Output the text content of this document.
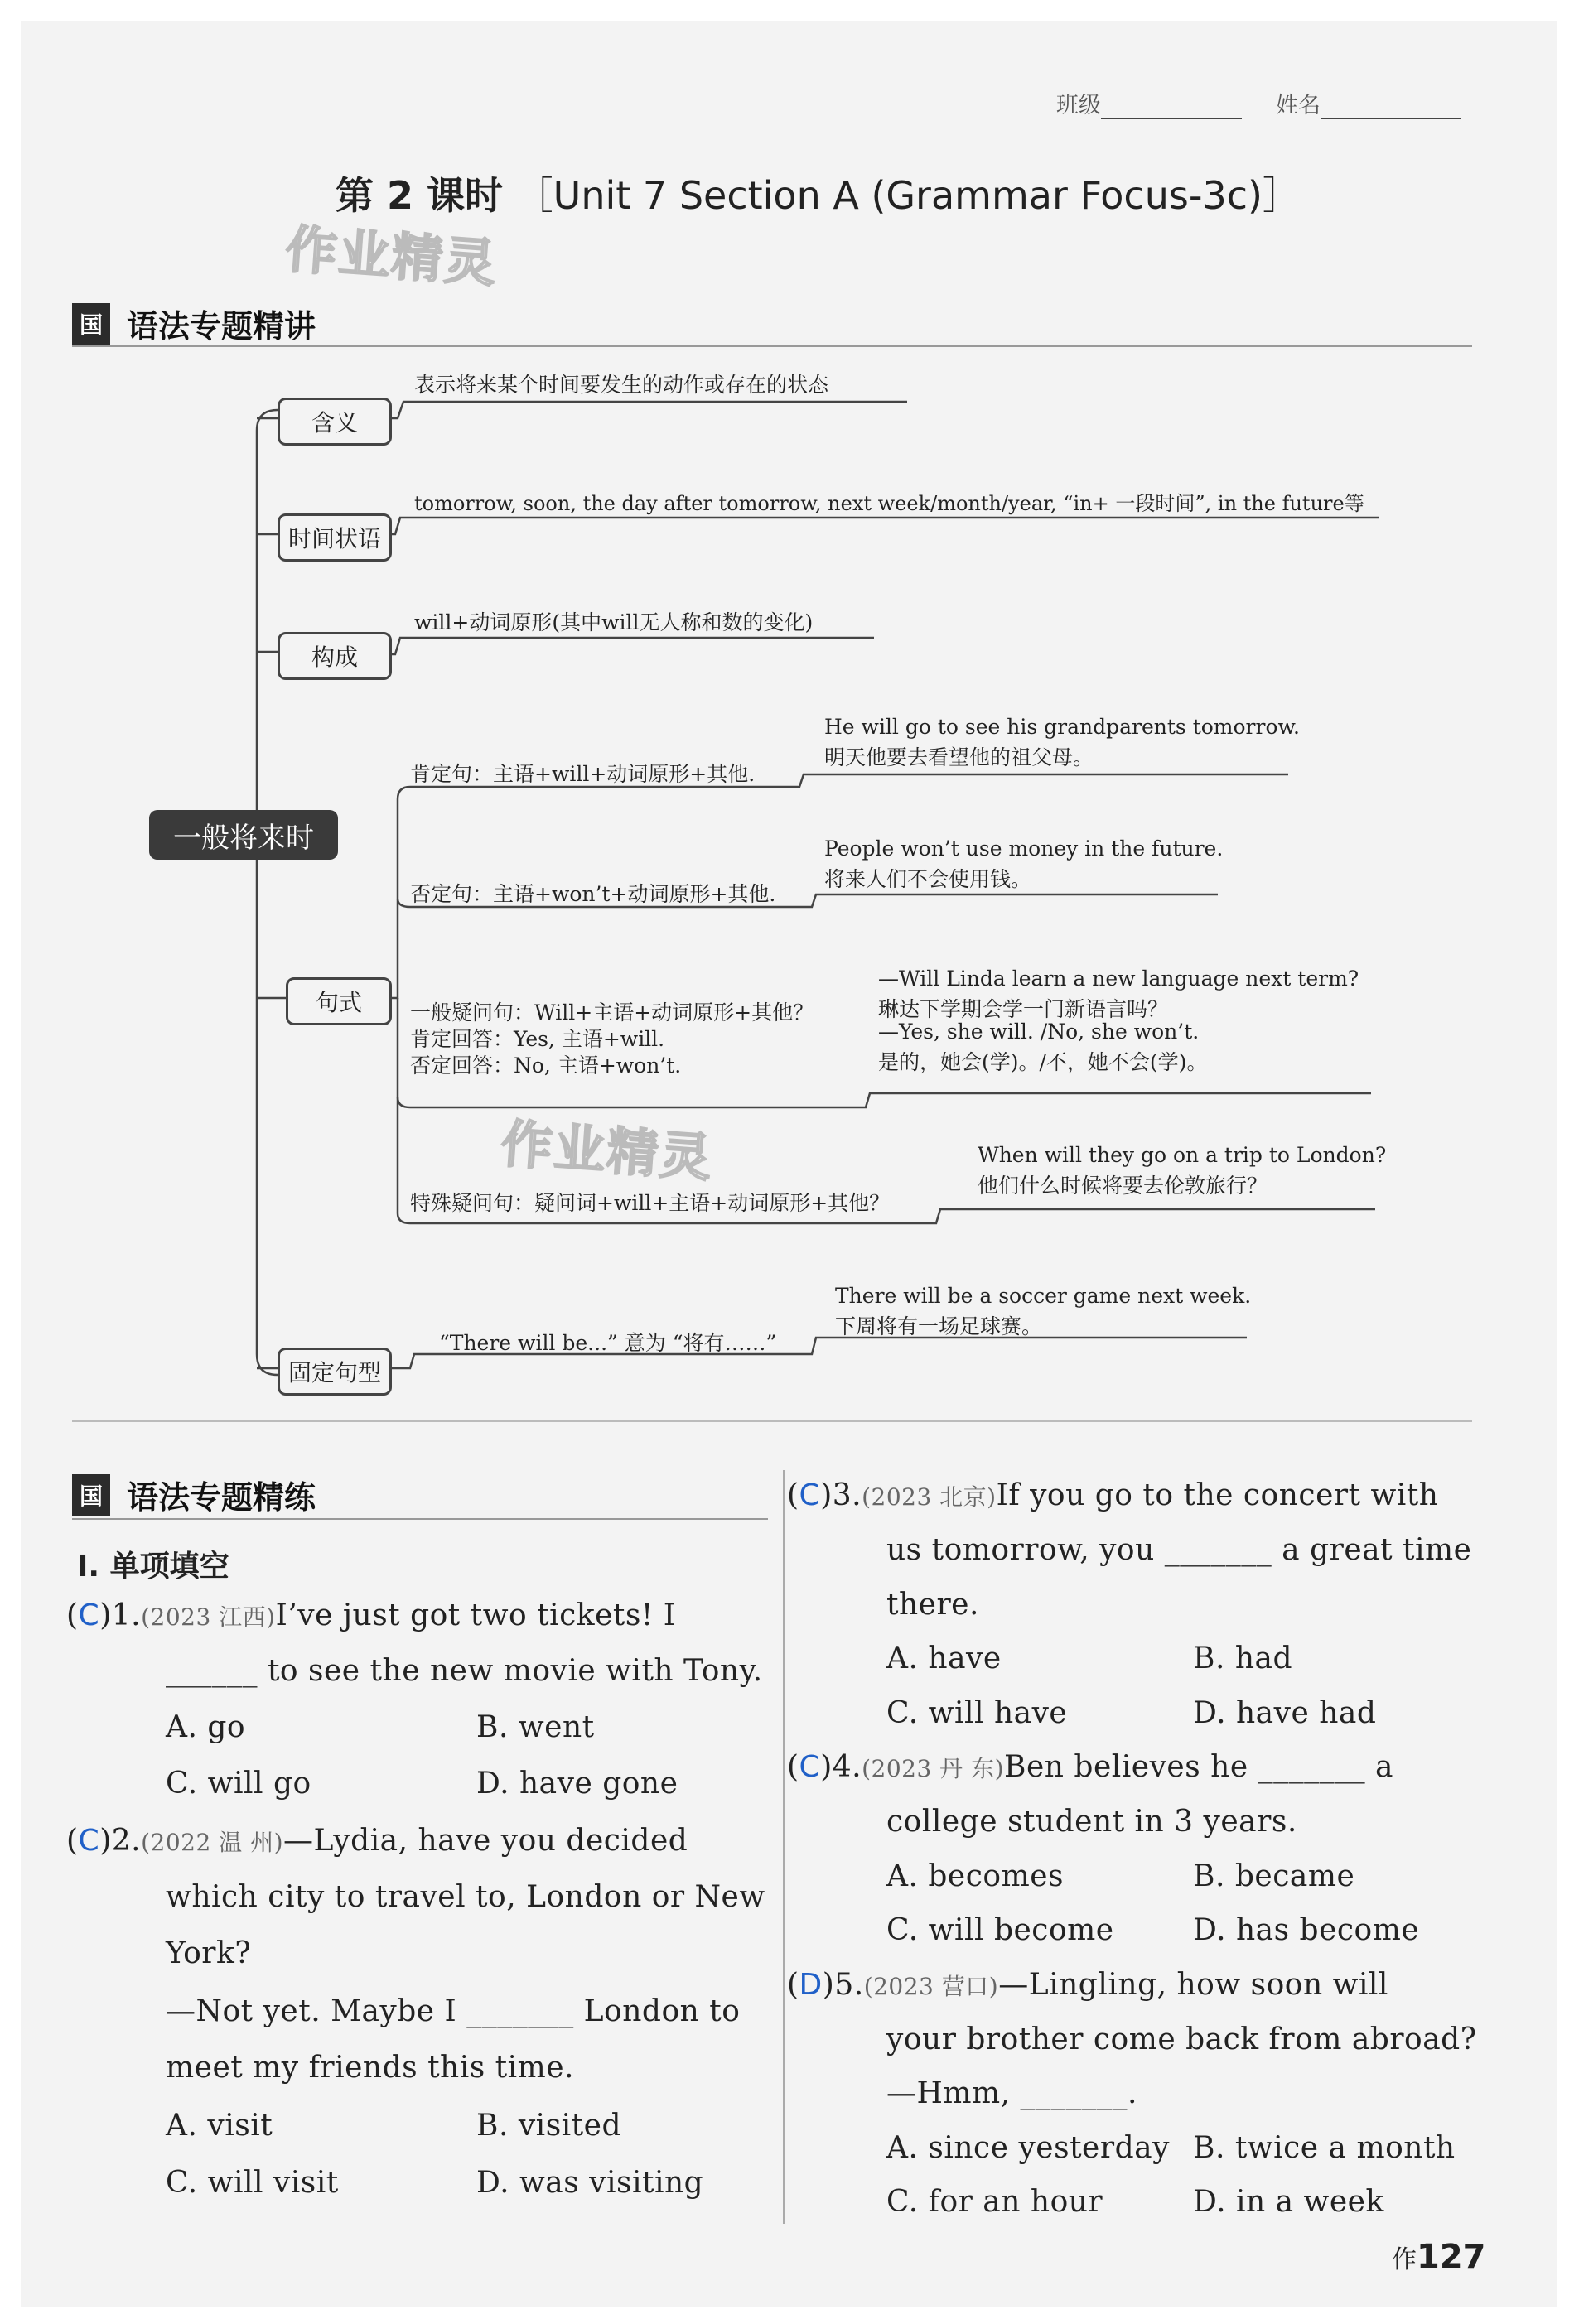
班级	姓名
第 2 课时 ［Unit 7 Section A (Grammar Focus-3c)］
作业精灵
国 语法专题精讲
含义
时间状语
构成
句式
固定句型
一般将来时
表示将来某个时间要发生的动作或存在的状态
tomorrow, soon, the day after tomorrow, next week/month/year, “in+ 一段时间”, in the future等
will+动词原形(其中will无人称和数的变化)
肯定句：主语+will+动词原形+其他.
He will go to see his grandparents tomorrow.
明天他要去看望他的祖父母。
否定句：主语+won’t+动词原形+其他.
People won’t use money in the future.
将来人们不会使用钱。
一般疑问句：Will+主语+动词原形+其他？
肯定回答：Yes, 主语+will.
否定回答：No, 主语+won’t.
—Will Linda learn a new language next term?
琳达下学期会学一门新语言吗？
—Yes, she will. /No, she won’t.
是的，她会(学)。/不，她不会(学)。
作业精灵
特殊疑问句：疑问词+will+主语+动词原形+其他？
When will they go on a trip to London?
他们什么时候将要去伦敦旅行？
“There will be...” 意为 “将有……”
There will be a soccer game next week.
下周将有一场足球赛。
国 语法专题精练
Ⅰ. 单项填空
(C)1.(2023 江西)I’ve just got two tickets! I
______ to see the new movie with Tony.
A. go	B. went
C. will go	D. have gone
(C)2.(2022 温 州)—Lydia, have you decided
which city to travel to, London or New
York?
—Not yet. Maybe I _______ London to
meet my friends this time.
A. visit	B. visited
C. will visit	D. was visiting
(C)3.(2023 北京)If you go to the concert with
us tomorrow, you _______ a great time
there.
A. have	B. had
C. will have	D. have had
(C)4.(2023 丹 东)Ben believes he _______ a
college student in 3 years.
A. becomes	B. became
C. will become	D. has become
(D)5.(2023 营口)—Lingling, how soon will
your brother come back from abroad?
—Hmm, _______.
A. since yesterday B. twice a month
C. for an hour	D. in a week
作127
